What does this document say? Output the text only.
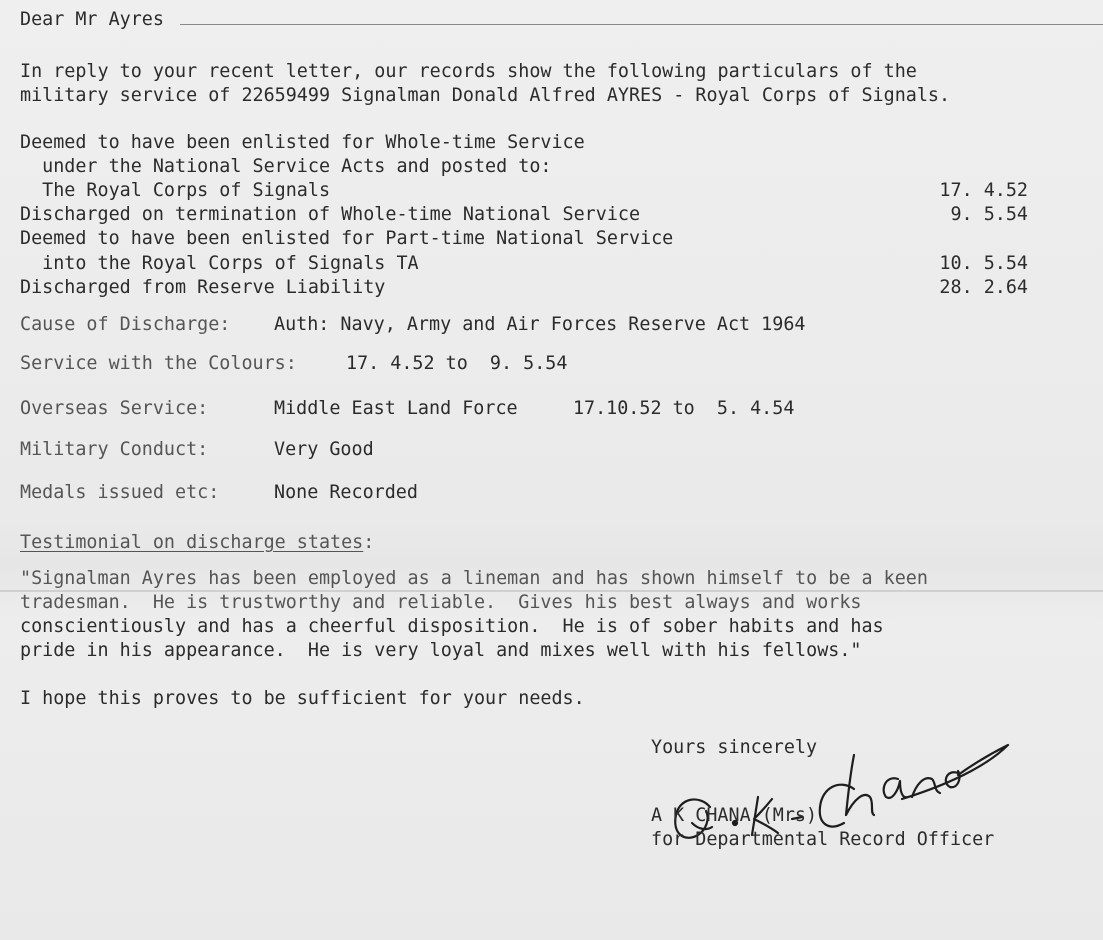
Dear Mr Ayres
In reply to your recent letter, our records show the following particulars of the
military service of 22659499 Signalman Donald Alfred AYRES - Royal Corps of Signals.
Deemed to have been enlisted for Whole-time Service
under the National Service Acts and posted to:
The Royal Corps of Signals	17. 4.52
Discharged on termination of Whole-time National Service	9. 5.54
Deemed to have been enlisted for Part-time National Service
into the Royal Corps of Signals TA	10. 5.54
Discharged from Reserve Liability	28. 2.64
Cause of Discharge: Auth: Navy, Army and Air Forces Reserve Act 1964
Service with the Colours:	17. 4.52 to  9. 5.54
Overseas Service:	Middle East Land Force     17.10.52 to  5. 4.54
Military Conduct:	Very Good
Medals issued etc:	None Recorded
Testimonial on discharge states:
"Signalman Ayres has been employed as a lineman and has shown himself to be a keen
tradesman.  He is trustworthy and reliable.  Gives his best always and works
conscientiously and has a cheerful disposition.  He is of sober habits and has
pride in his appearance.  He is very loyal and mixes well with his fellows."
I hope this proves to be sufficient for your needs.
Yours sincerely
A K CHANA (Mrs)
for Departmental Record Officer
